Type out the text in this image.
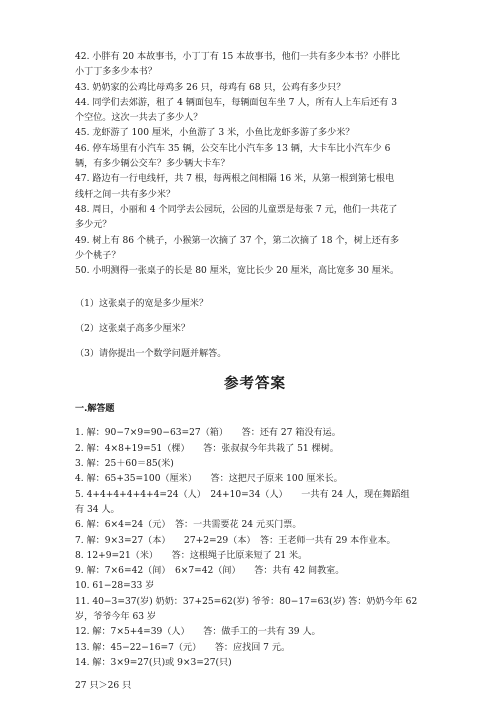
42. 小胖有 20 本故事书，小丁丁有 15 本故事书，他们一共有多少本书？小胖比
小丁丁多多少本书？
43. 奶奶家的公鸡比母鸡多 26 只，母鸡有 68 只，公鸡有多少只？
44. 同学们去郊游，租了 4 辆面包车，每辆面包车坐 7 人，所有人上车后还有 3
个空位。这次一共去了多少人？
45. 龙虾游了 100 厘米，小鱼游了 3 米，小鱼比龙虾多游了多少米？
46. 停车场里有小汽车 35 辆，公交车比小汽车多 13 辆，大卡车比小汽车少 6
辆，有多少辆公交车？多少辆大卡车？
47. 路边有一行电线杆，共 7 根，每两根之间相隔 16 米，从第一根到第七根电
线杆之间一共有多少米？
48. 周日，小丽和 4 个同学去公园玩，公园的儿童票是每张 7 元，他们一共花了
多少元？
49. 树上有 86 个桃子，小猴第一次摘了 37 个，第二次摘了 18 个，树上还有多
少个桃子？
50. 小明测得一张桌子的长是 80 厘米，宽比长少 20 厘米，高比宽多 30 厘米。
（1）这张桌子的宽是多少厘米？
（2）这张桌子高多少厘米？
（3）请你提出一个数学问题并解答。
参考答案
一.解答题
1. 解：90−7×9=90−63=27（箱）　　答：还有 27 箱没有运。
2. 解：4×8+19=51（棵）　　答：张叔叔今年共栽了 51 棵树。
3. 解：25＋60＝85(米)
4. 解：65+35=100（厘米）　　答：这把尺子原来 100 厘米长。
5. 4+4+4+4+4+4=24（人）　24+10=34（人）　　一共有 24 人，现在舞蹈组
有 34 人。
6. 解：6×4=24（元）　答：一共需要花 24 元买门票。
7. 解：9×3=27（本）　　27+2=29（本）　答：王老师一共有 29 本作业本。
8. 12+9=21（米）　　答：这根绳子比原来短了 21 米。
9. 解：7×6=42（间）　6×7=42（间）　　答：共有 42 间教室。
10. 61−28=33 岁
11. 40−3=37(岁) 奶奶：37+25=62(岁) 爷爷：80−17=63(岁) 答：奶奶今年 62
岁，爷爷今年 63 岁
12. 解：7×5+4=39（人）　　答：做手工的一共有 39 人。
13. 解：45−22−16=7（元）　　答：应找回 7 元。
14. 解：3×9=27(只)或 9×3=27(只)
27 只＞26 只
